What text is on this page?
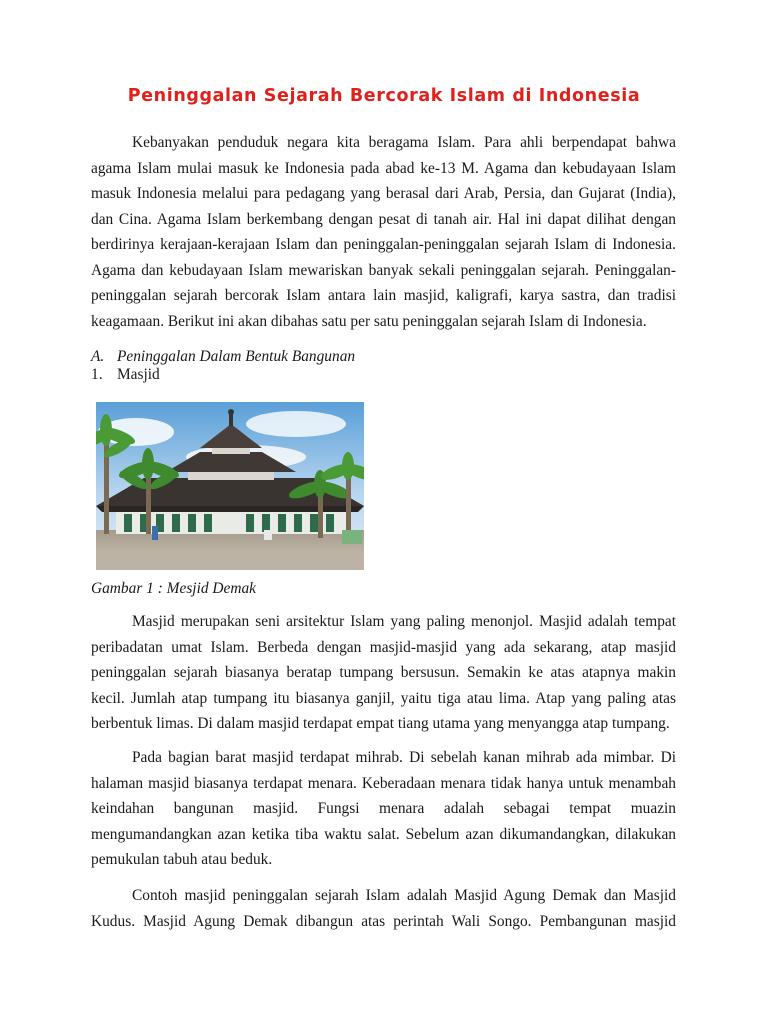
Peninggalan Sejarah Bercorak Islam di Indonesia

Kebanyakan penduduk negara kita beragama Islam. Para ahli berpendapat bahwa
agama Islam mulai masuk ke Indonesia pada abad ke-13 M. Agama dan kebudayaan Islam
masuk Indonesia melalui para pedagang yang berasal dari Arab, Persia, dan Gujarat (India),
dan Cina. Agama Islam berkembang dengan pesat di tanah air. Hal ini dapat dilihat dengan
berdirinya kerajaan-kerajaan Islam dan peninggalan-peninggalan sejarah Islam di Indonesia.
Agama dan kebudayaan Islam mewariskan banyak sekali peninggalan sejarah. Peninggalan-
peninggalan sejarah bercorak Islam antara lain masjid, kaligrafi, karya sastra, dan tradisi
keagamaan. Berikut ini akan dibahas satu per satu peninggalan sejarah Islam di Indonesia.

A. Peninggalan Dalam Bentuk Bangunan
1. Masjid
Gambar 1 : Mesjid Demak

Masjid merupakan seni arsitektur Islam yang paling menonjol. Masjid adalah tempat
peribadatan umat Islam. Berbeda dengan masjid-masjid yang ada sekarang, atap masjid
peninggalan sejarah biasanya beratap tumpang bersusun. Semakin ke atas atapnya makin
kecil. Jumlah atap tumpang itu biasanya ganjil, yaitu tiga atau lima. Atap yang paling atas
berbentuk limas. Di dalam masjid terdapat empat tiang utama yang menyangga atap tumpang.

Pada bagian barat masjid terdapat mihrab. Di sebelah kanan mihrab ada mimbar. Di
halaman masjid biasanya terdapat menara. Keberadaan menara tidak hanya untuk menambah
keindahan bangunan masjid. Fungsi menara adalah sebagai tempat muazin
mengumandangkan azan ketika tiba waktu salat. Sebelum azan dikumandangkan, dilakukan
pemukulan tabuh atau beduk.

Contoh masjid peninggalan sejarah Islam adalah Masjid Agung Demak dan Masjid
Kudus. Masjid Agung Demak dibangun atas perintah Wali Songo. Pembangunan masjid
